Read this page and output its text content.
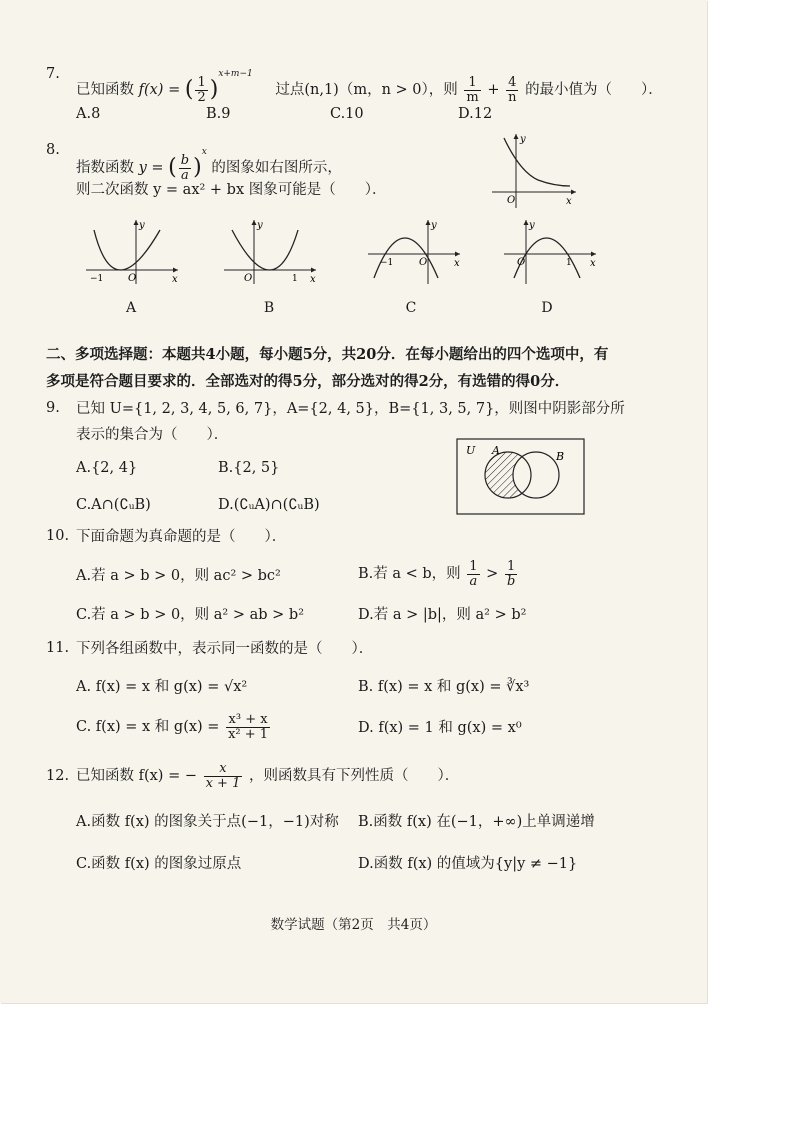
7.
已知函数 f(x) = ( $\frac{1}{2} )^{x+m-1}$ 过点(n,1)（m，n > 0），则 $\frac{1}{m} + \frac{4}{n}$ 的最小值为（　　）．
A.8	B.9	C.10	D.12
8.
指数函数 y = ( $\frac{b}{a} )^x$ 的图象如右图所示，
则二次函数 y = ax² + bx 图象可能是（　　）．
y
O	x
y
−1 O	x
A
y
O	1 x
B
y
−1	O	x
C
y
O	1 x
D
二、多项选择题：本题共4小题，每小题5分，共20分．在每小题给出的四个选项中，有
多项是符合题目要求的．全部选对的得5分，部分选对的得2分，有选错的得0分．
9. 已知 U={1, 2, 3, 4, 5, 6, 7}，A={2, 4, 5}，B={1, 3, 5, 7}，则图中阴影部分所
表示的集合为（　　）．
A.{2, 4}	B.{2, 5}
C.A∩(∁ᵤB)	D.(∁ᵤA)∩(∁ᵤB)
U A	B
10. 下面命题为真命题的是（　　）．
A.若 a > b > 0，则 ac² > bc²	B.若 a < b，则 $\frac{1}{a} > \frac{1}{b}$
C.若 a > b > 0，则 a² > ab > b²	D.若 a > |b|，则 a² > b²
11. 下列各组函数中，表示同一函数的是（　　）．
A. f(x) = x 和 g(x) = √x²	B. f(x) = x 和 g(x) = ∛x³
C. f(x) = x 和 $g(x) = \frac{\text{x³ + x}}{\text{x² + 1}}$	D. f(x) = 1 和 g(x) = x⁰
12. 已知函数 f(x) = − $\frac{x}{x + 1}$ ，则函数具有下列性质（　　）．
A.函数 f(x) 的图象关于点(−1，−1)对称 B.函数 f(x) 在(−1，+∞)上单调递增
C.函数 f(x) 的图象过原点	D.函数 f(x) 的值域为{y|y ≠ −1}
数学试题（第2页　共4页）
